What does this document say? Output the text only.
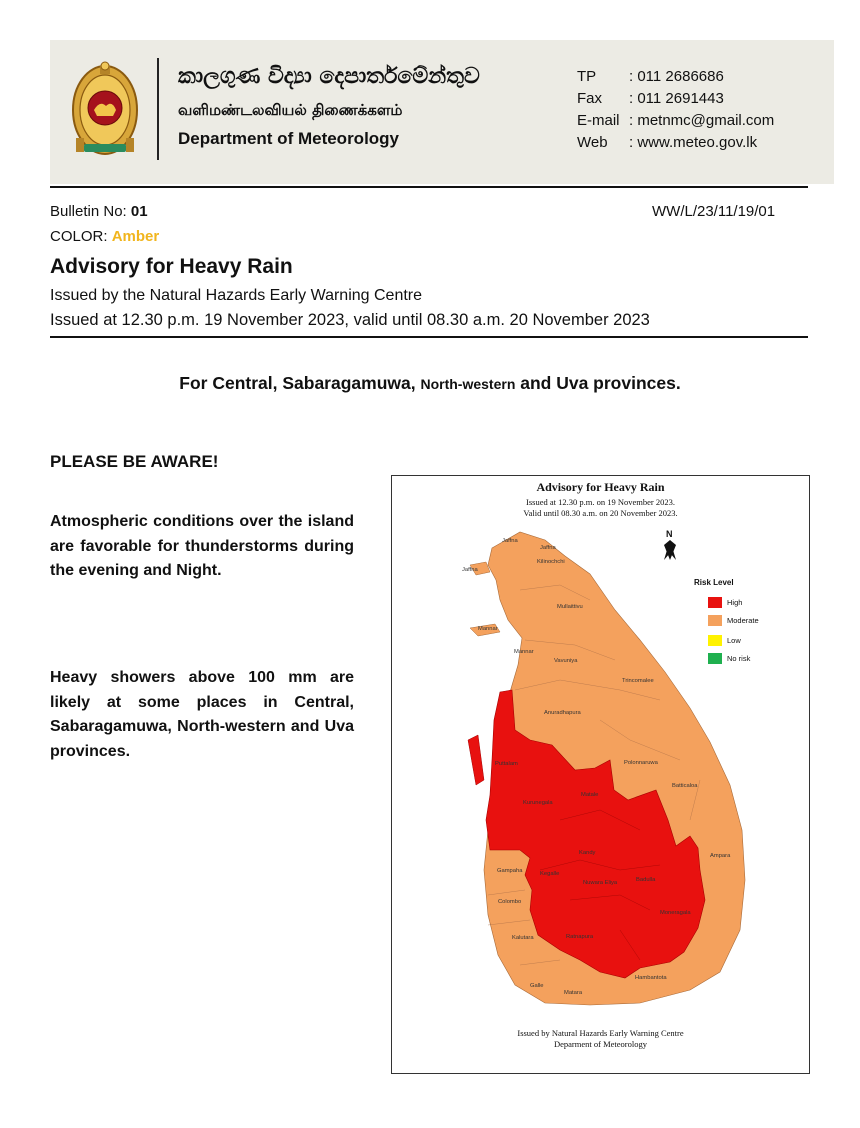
කාලගුණ විද්‍යා දෙපාර්තමේන්තුව
வளிமண்டலவியல் திணைக்களம்
Department of Meteorology
TP	: 011 2686686
Fax	: 011 2691443
E-mail : metnmc@gmail.com
Web	: www.meteo.gov.lk
Bulletin No: 01	WW/L/23/11/19/01
COLOR: Amber
Advisory for Heavy Rain
Issued by the Natural Hazards Early Warning Centre
Issued at 12.30 p.m. 19 November 2023, valid until 08.30 a.m. 20 November 2023
For Central, Sabaragamuwa, North-western and Uva provinces.
PLEASE BE AWARE!
Atmospheric conditions over the island are favorable for thunderstorms during the evening and Night.
Heavy showers above 100 mm are likely at some places in Central, Sabaragamuwa, North-western and Uva provinces.
Advisory for Heavy Rain
Issued at 12.30 p.m. on 19 November 2023.
Valid until 08.30 a.m. on 20 November 2023.
N
Jaffna
Jaffna
Jaffna
Kilinochchi
Mullaittivu
Mannar
Mannar
Vavuniya
Trincomalee
Anuradhapura
Puttalam	Polonnaruwa
Batticaloa
Kurunegala
Matale
Kandy	Ampara
Gampaha	Kegalle
Nuwara Eliya	Badulla
Colombo
Moneragala
Kalutara	Ratnapura
Hambantota
Galle
Matara
Risk Level
High
Moderate
Low
No risk
Issued by Natural Hazards Early Warning Centre
Deparment of Meteorology
